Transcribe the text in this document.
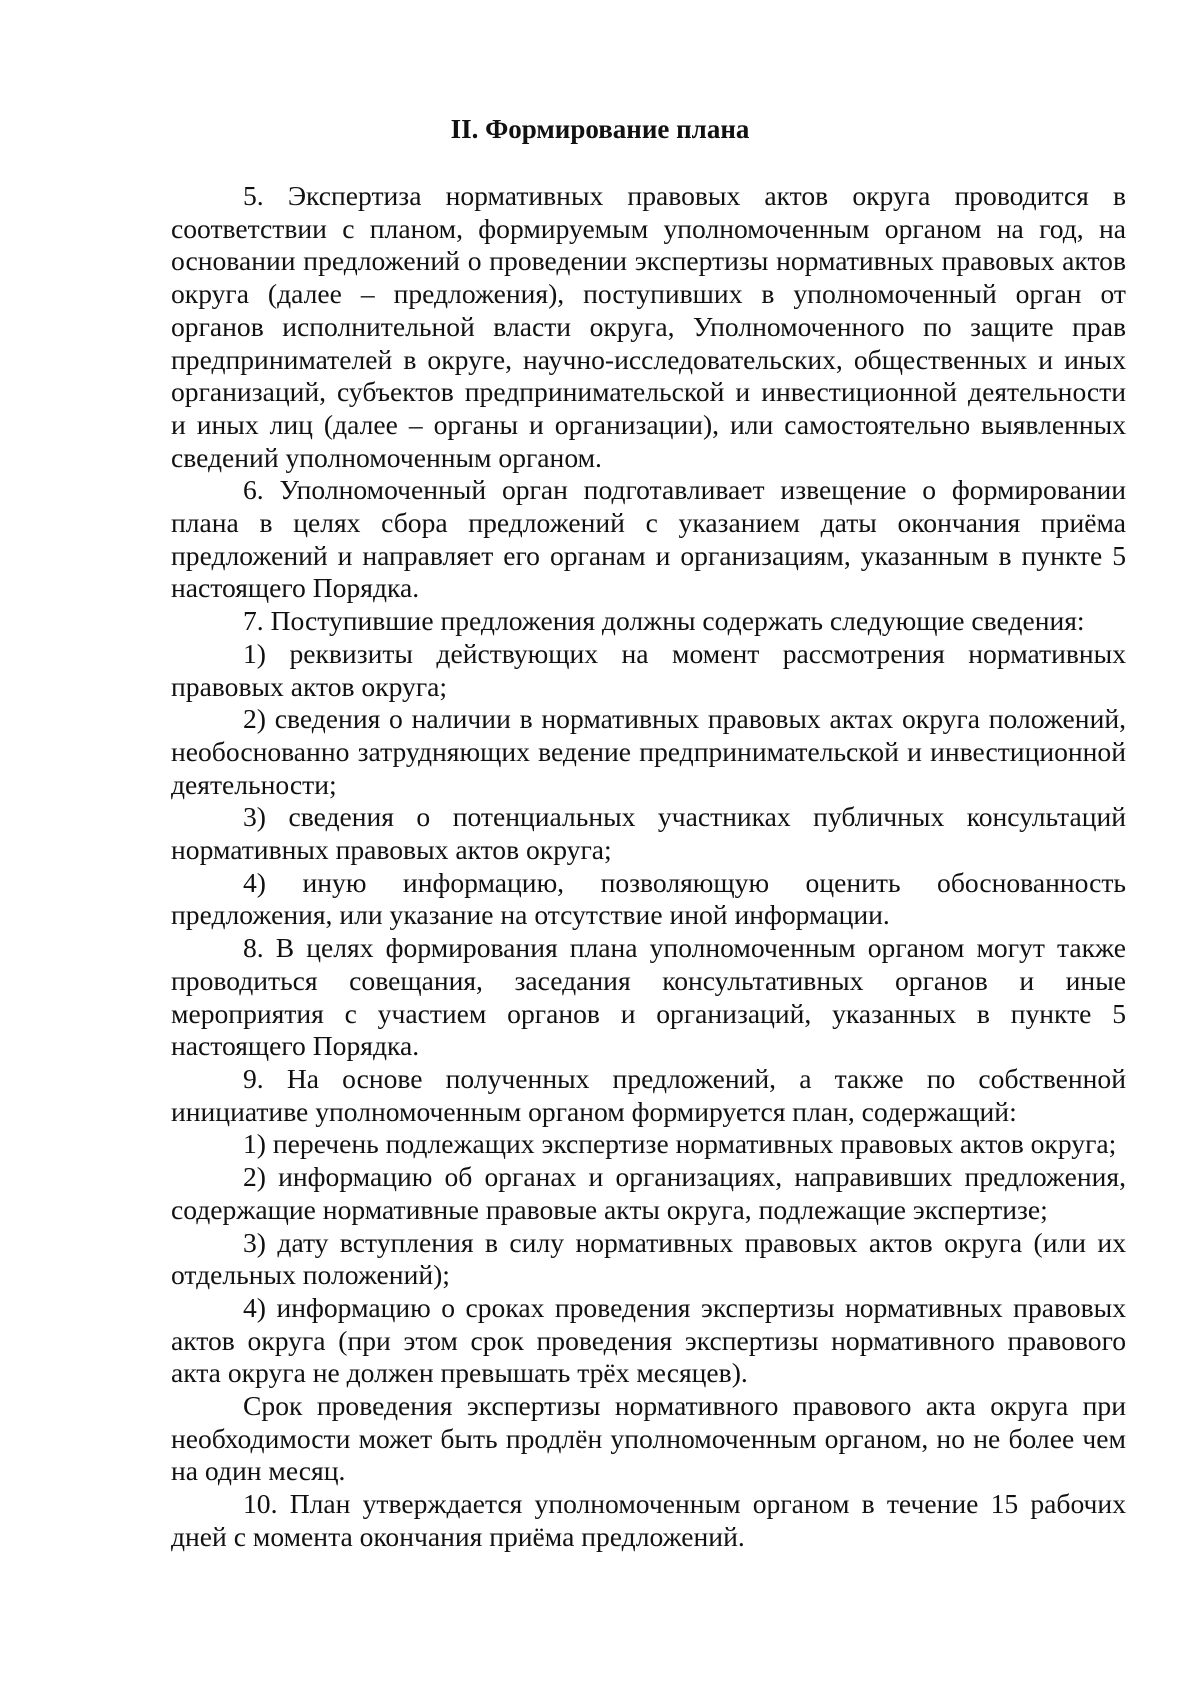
II. Формирование плана

5. Экспертиза нормативных правовых актов округа проводится в соответствии с планом, формируемым уполномоченным органом на год, на основании предложений о проведении экспертизы нормативных правовых актов округа (далее – предложения), поступивших в уполномоченный орган от органов исполнительной власти округа, Уполномоченного по защите прав предпринимателей в округе, научно-исследовательских, общественных и иных организаций, субъектов предпринимательской и инвестиционной деятельности и иных лиц (далее – органы и организации), или самостоятельно выявленных сведений уполномоченным органом.

6. Уполномоченный орган подготавливает извещение о формировании плана в целях сбора предложений с указанием даты окончания приёма предложений и направляет его органам и организациям, указанным в пункте 5 настоящего Порядка.

7. Поступившие предложения должны содержать следующие сведения:

1) реквизиты действующих на момент рассмотрения нормативных правовых актов округа;

2) сведения о наличии в нормативных правовых актах округа положений, необоснованно затрудняющих ведение предпринимательской и инвестиционной деятельности;

3) сведения о потенциальных участниках публичных консультаций нормативных правовых актов округа;

4) иную информацию, позволяющую оценить обоснованность предложения, или указание на отсутствие иной информации.

8. В целях формирования плана уполномоченным органом могут также проводиться совещания, заседания консультативных органов и иные мероприятия с участием органов и организаций, указанных в пункте 5 настоящего Порядка.

9. На основе полученных предложений, а также по собственной инициативе уполномоченным органом формируется план, содержащий:

1) перечень подлежащих экспертизе нормативных правовых актов округа;

2) информацию об органах и организациях, направивших предложения, содержащие нормативные правовые акты округа, подлежащие экспертизе;

3) дату вступления в силу нормативных правовых актов округа (или их отдельных положений);

4) информацию о сроках проведения экспертизы нормативных правовых актов округа (при этом срок проведения экспертизы нормативного правового акта округа не должен превышать трёх месяцев).

Срок проведения экспертизы нормативного правового акта округа при необходимости может быть продлён уполномоченным органом, но не более чем на один месяц.

10. План утверждается уполномоченным органом в течение 15 рабочих дней с момента окончания приёма предложений.
